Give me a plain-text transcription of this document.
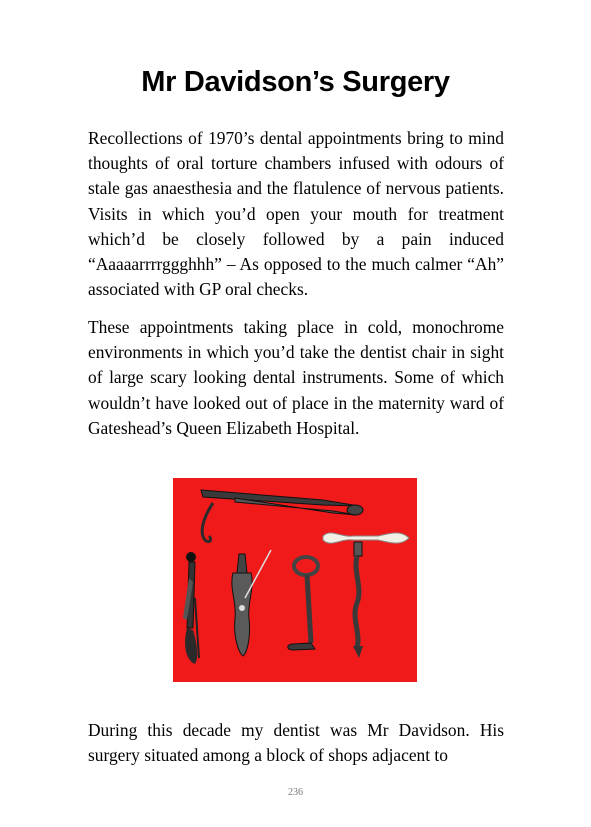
Mr Davidson’s Surgery

Recollections of 1970’s dental appointments bring to mind thoughts of oral torture chambers infused with odours of stale gas anaesthesia and the flatulence of nervous patients. Visits in which you’d open your mouth for treatment which’d be closely followed by a pain induced “Aaaaarrrrggghhh” – As opposed to the much calmer “Ah” associated with GP oral checks.

These appointments taking place in cold, monochrome environments in which you’d take the dentist chair in sight of large scary looking dental instruments. Some of which wouldn’t have looked out of place in the maternity ward of Gateshead’s Queen Elizabeth Hospital.

During this decade my dentist was Mr Davidson. His surgery situated among a block of shops adjacent to

236
